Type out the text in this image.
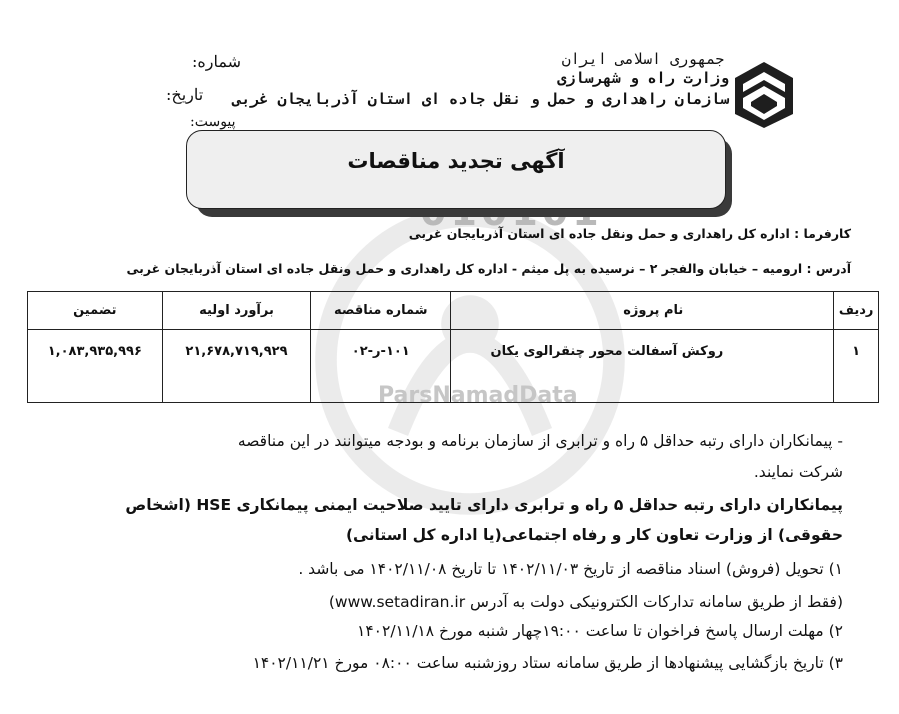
ParsNamadData
جمهوری اسلامی ایران
وزارت راه و شهرسازی
سازمان راهداری و حمل و نقل جاده ای استان آذربایجان غربی
شماره:
تاریخ:
پیوست:
آگهی تجدید مناقصات
کارفرما : اداره کل راهداری و حمل ونقل جاده ای استان آذربایجان غربی
آدرس : ارومیه – خیابان والفجر ۲ – نرسیده به پل میثم - اداره کل راهداری و حمل ونقل جاده ای استان آذربایجان غربی
ردیف	نام پروژه	شماره مناقصه	برآورد اولیه	تضمین
۱	روکش آسفالت محور چنقرالوی یکان	۱۰۱-ر-۰۲	۲۱,۶۷۸,۷۱۹,۹۲۹	۱,۰۸۳,۹۳۵,۹۹۶
- پیمانکاران دارای رتبه حداقل ۵ راه و ترابری از سازمان برنامه و بودجه میتوانند در این مناقصه
شرکت نمایند.
پیمانکاران دارای رتبه حداقل ۵ راه و ترابری دارای تایید صلاحیت ایمنی پیمانکاری HSE (اشخاص
حقوقی) از وزارت تعاون کار و رفاه اجتماعی(یا اداره کل استانی)
۱) تحویل (فروش) اسناد مناقصه از تاریخ ۱۴۰۲/۱۱/۰۳ تا تاریخ ۱۴۰۲/۱۱/۰۸ می باشد .
(فقط از طریق سامانه تدارکات الکترونیکی دولت به آدرس www.setadiran.ir)
۲) مهلت ارسال پاسخ فراخوان تا ساعت ۱۹:۰۰چهار شنبه مورخ ۱۴۰۲/۱۱/۱۸
۳) تاریخ بازگشایی پیشنهادها از طریق سامانه ستاد روزشنبه ساعت ۰۸:۰۰ مورخ ۱۴۰۲/۱۱/۲۱
